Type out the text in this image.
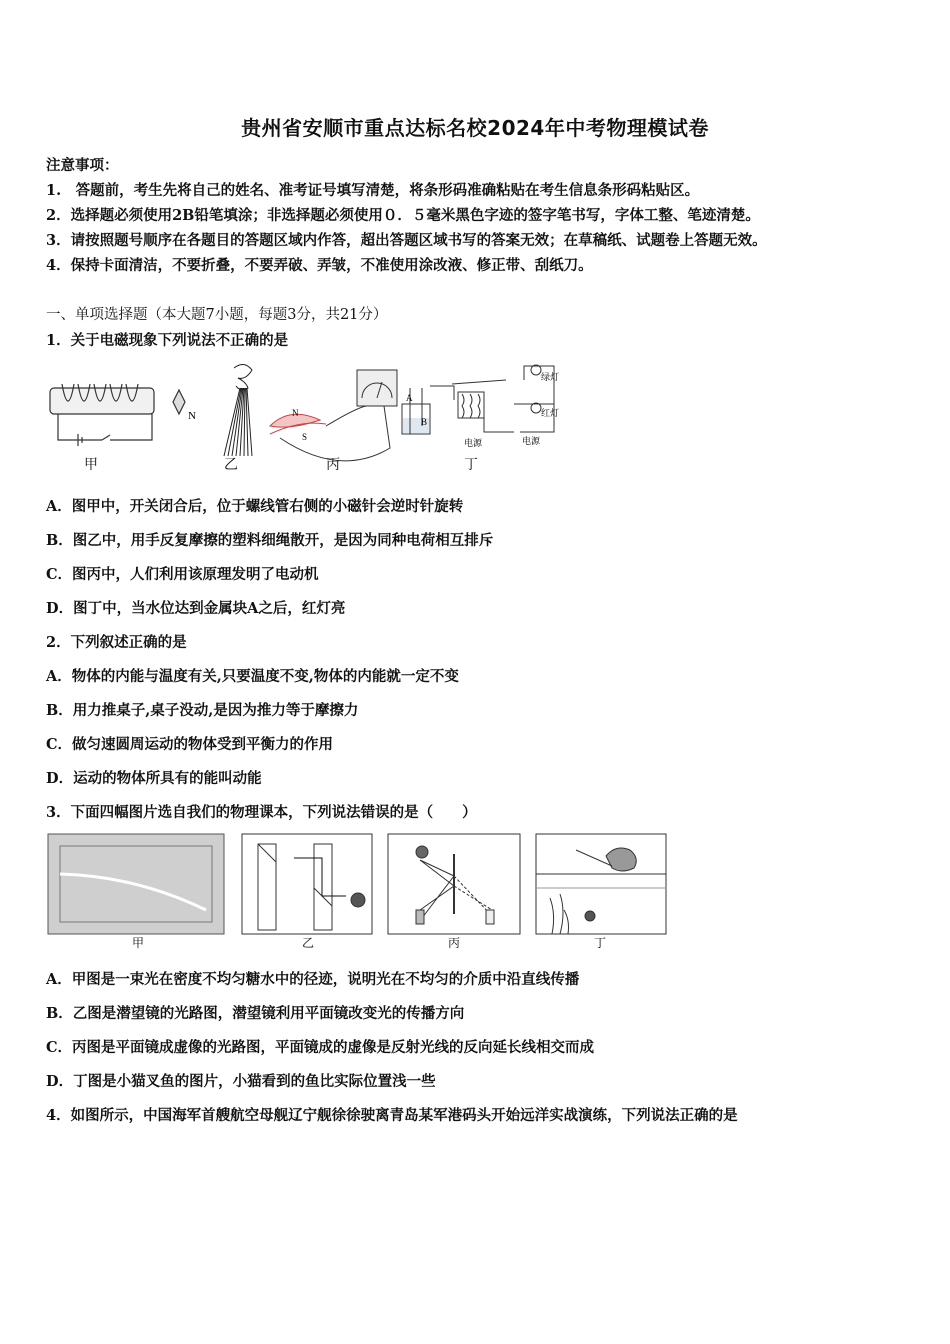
贵州省安顺市重点达标名校2024年中考物理模试卷
注意事项：
1.　答题前，考生先将自己的姓名、准考证号填写清楚，将条形码准确粘贴在考生信息条形码粘贴区。
2．选择题必须使用2B铅笔填涂；非选择题必须使用０．５毫米黑色字迹的签字笔书写，字体工整、笔迹清楚。
3．请按照题号顺序在各题目的答题区域内作答，超出答题区域书写的答案无效；在草稿纸、试题卷上答题无效。
4．保持卡面清洁，不要折叠，不要弄破、弄皱，不准使用涂改液、修正带、刮纸刀。
一、单项选择题（本大题7小题，每题3分，共21分）
1．关于电磁现象下列说法不正确的是
N	N
S
A
B
绿灯
红灯
电源	电源
甲	乙	丙	丁
A．图甲中，开关闭合后，位于螺线管右侧的小磁针会逆时针旋转
B．图乙中，用手反复摩擦的塑料细绳散开，是因为同种电荷相互排斥
C．图丙中，人们利用该原理发明了电动机
D．图丁中，当水位达到金属块A之后，红灯亮
2．下列叙述正确的是
A．物体的内能与温度有关,只要温度不变,物体的内能就一定不变
B．用力推桌子,桌子没动,是因为推力等于摩擦力
C．做匀速圆周运动的物体受到平衡力的作用
D．运动的物体所具有的能叫动能
3．下面四幅图片选自我们的物理课本，下列说法错误的是（　　）
甲	乙	丙	丁
A．甲图是一束光在密度不均匀糖水中的径迹，说明光在不均匀的介质中沿直线传播
B．乙图是潜望镜的光路图，潜望镜利用平面镜改变光的传播方向
C．丙图是平面镜成虚像的光路图，平面镜成的虚像是反射光线的反向延长线相交而成
D．丁图是小猫叉鱼的图片，小猫看到的鱼比实际位置浅一些
4．如图所示，中国海军首艘航空母舰辽宁舰徐徐驶离青岛某军港码头开始远洋实战演练，下列说法正确的是
